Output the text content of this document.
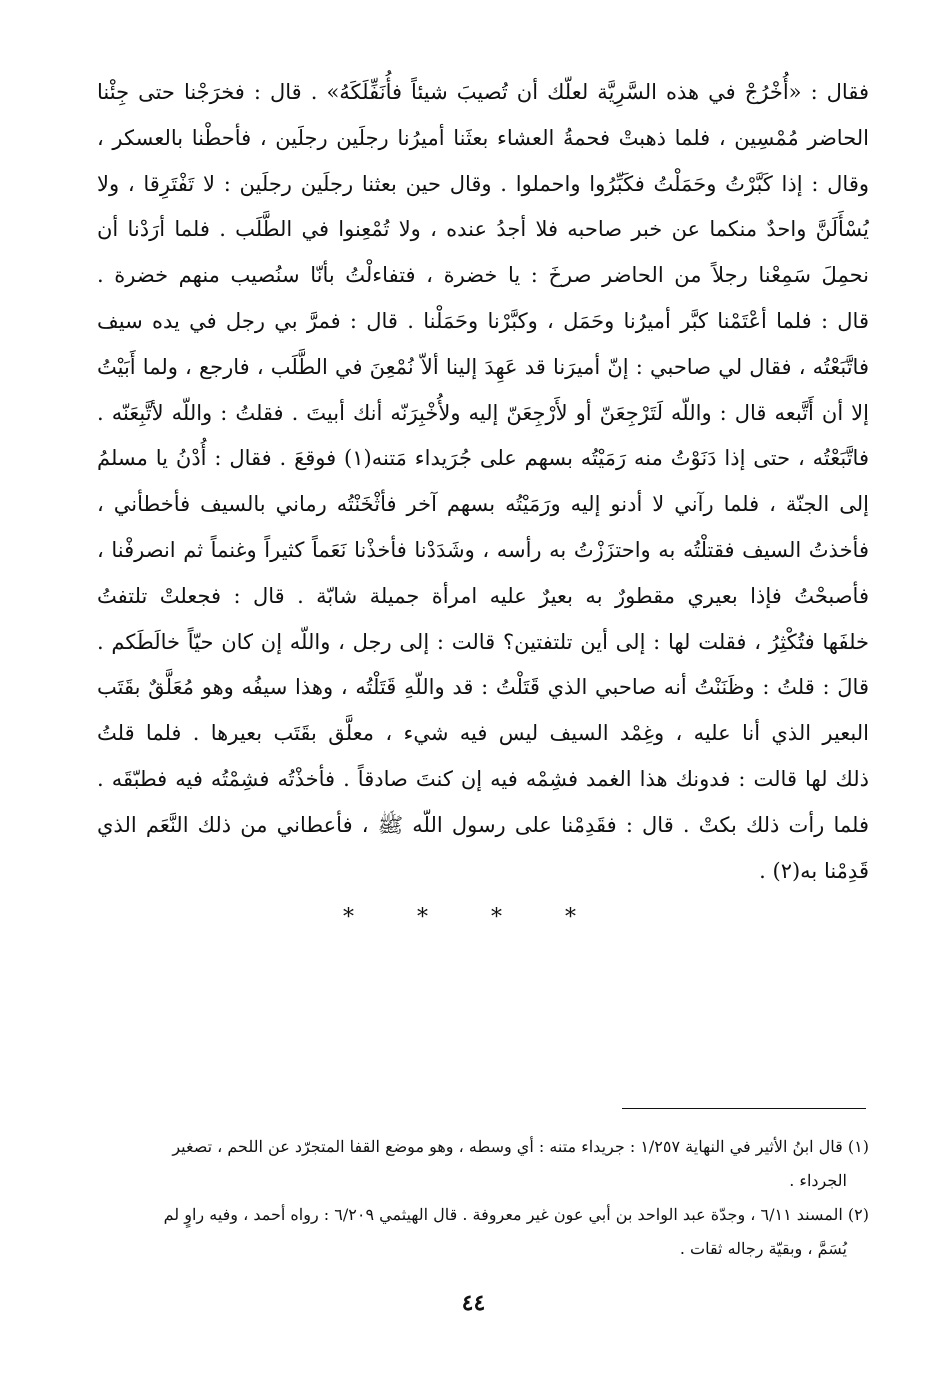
فقال : «أُخْرُجْ في هذه السَّرِيَّة لعلّك أن تُصيبَ شيئاً فأُنَفِّلَكَهُ» . قال : فخرَجْنا حتى جِئْنا
الحاضر مُمْسِين ، فلما ذهبتْ فحمةُ العشاء بعثَنا أميرُنا رجلَين رجلَين ، فأحطْنا بالعسكر ،
وقال : إذا كَبَّرْتُ وحَمَلْتُ فكَبِّرُوا واحملوا . وقال حين بعثنا رجلَين رجلَين : لا تَفْتَرِقا ، ولا
يُسْأَلَنَّ واحدٌ منكما عن خبر صاحبه فلا أجدُ عنده ، ولا تُمْعِنوا في الطَّلَب . فلما أرَدْنا أن
نحمِلَ سَمِعْنا رجلاً من الحاضر صرخَ : يا خضرة ، فتفاءلْتُ بأنّا سنُصيب منهم خضرة .
قال : فلما أعْتَمْنا كبَّر أميرُنا وحَمَل ، وكبَّرْنا وحَمَلْنا . قال : فمرَّ بي رجل في يده سيف
فاتَّبَعْتُه ، فقال لي صاحبي : إنّ أميرَنا قد عَهِدَ إلينا ألاّ نُمْعِنَ في الطَّلَب ، فارجع ، ولما أَبَيْتُ
إلا أن أَتَّبعه قال : واللّه لَتَرْجِعَنّ أو لأَرْجِعَنّ إليه ولأُخْبِرَنّه أنك أبيتَ . فقلتُ : واللّه لأتَّبِعَنّه .
فاتَّبَعْتُه ، حتى إذا دَنَوْتُ منه رَمَيْتُه بسهم على جُرَيداء مَتنه(١) فوقعَ . فقال : أُدْنُ يا مسلمُ
إلى الجنّة ، فلما رآني لا أدنو إليه ورَمَيْتُه بسهم آخر فأثْخَنْتُه رماني بالسيف فأخطأني ،
فأخذتُ السيف فقتلْتُه به واحتزَزْتُ به رأسه ، وشَدَدْنا فأخذْنا نَعَماً كثيراً وغنماً ثم انصرفْنا ،
فأصبحْتُ فإذا بعيري مقطورٌ به بعيرٌ عليه امرأة جميلة شابّة . قال : فجعلتْ تلتفتُ
خلفَها فتُكْثِرُ ، فقلت لها : إلى أين تلتفتين؟ قالت : إلى رجل ، واللّه إن كان حيّاً خالَطَكم .
قالَ : قلتُ : وظَنَنْتُ أنه صاحبي الذي قَتَلْتُ : قد واللّهِ قَتَلْتُه ، وهذا سيفُه وهو مُعَلَّقٌ بقَتَب
البعير الذي أنا عليه ، وغِمْد السيف ليس فيه شيء ، معلَّق بقَتَب بعيرها . فلما قلتُ
ذلك لها قالت : فدونك هذا الغمد فشِمْه فيه إن كنتَ صادقاً . فأخذْتُه فشِمْتُه فيه فطبّقَه .
فلما رأت ذلك بكتْ . قال : فقَدِمْنا على رسول اللّه ﷺ ، فأعطاني من ذلك النَّعَم الذي
قَدِمْنا به(٢) .
* * * *
(١) قال ابنُ الأثير في النهاية ١/٢٥٧ : جريداء متنه : أي وسطه ، وهو موضع القفا المتجرّد عن اللحم ، تصغير
الجرداء .
(٢) المسند ٦/١١ ، وجدّة عبد الواحد بن أبي عون غير معروفة . قال الهيثمي ٦/٢٠٩ : رواه أحمد ، وفيه راوٍ لم
يُسَمَّ ، وبقيّة رجاله ثقات .
٤٤
